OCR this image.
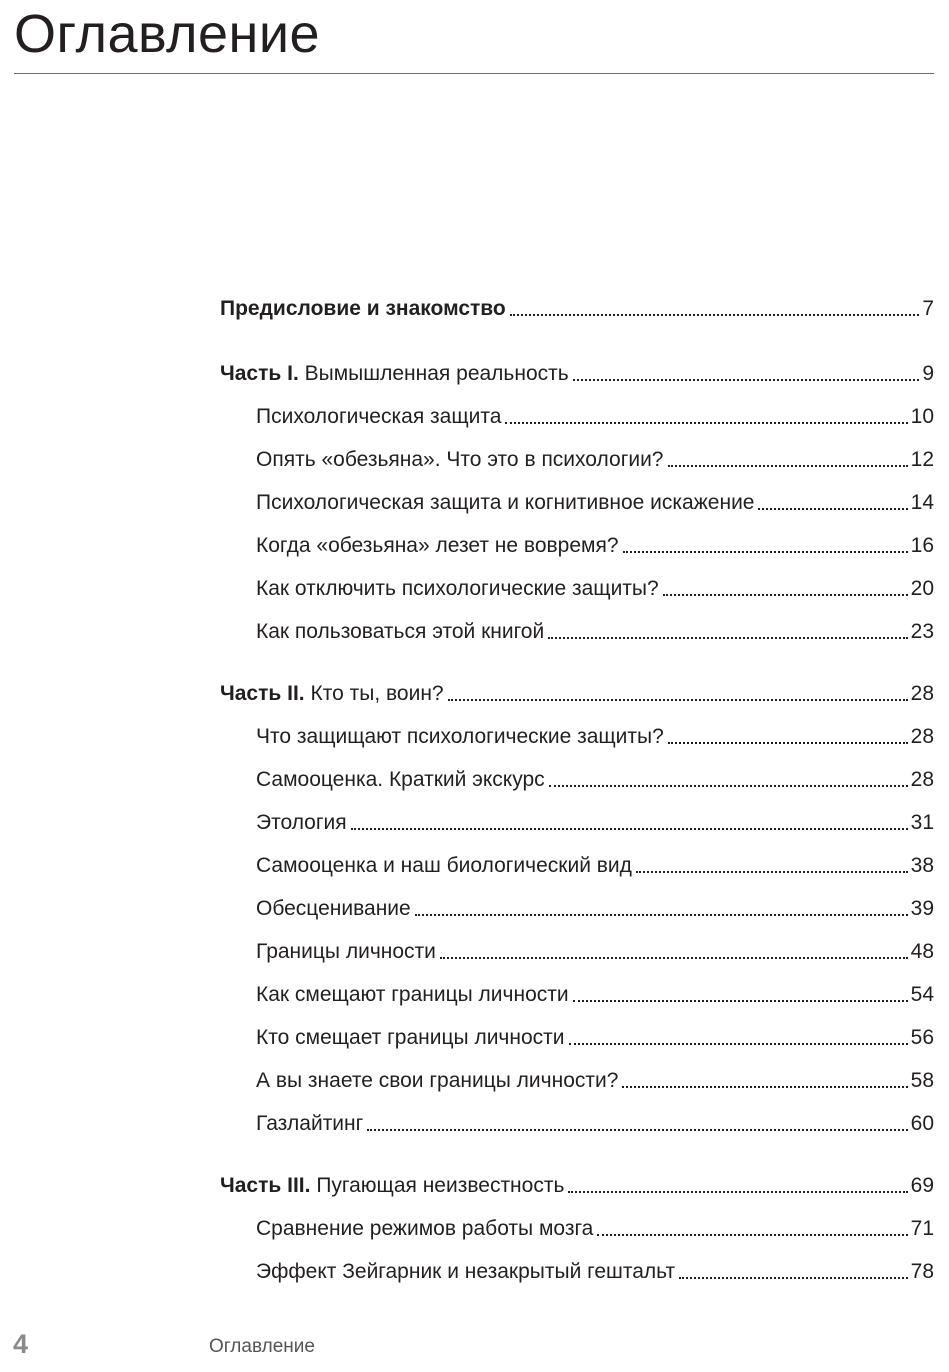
Оглавление
Предисловие и знакомство	7
Часть I. Вымышленная реальность	9
Психологическая защита	10
Опять «обезьяна». Что это в психологии?	12
Психологическая защита и когнитивное искажение	14
Когда «обезьяна» лезет не вовремя?	16
Как отключить психологические защиты?	20
Как пользоваться этой книгой	23
Часть II. Кто ты, воин?	28
Что защищают психологические защиты?	28
Самооценка. Краткий экскурс	28
Этология	31
Самооценка и наш биологический вид	38
Обесценивание	39
Границы личности	48
Как смещают границы личности	54
Кто смещает границы личности	56
А вы знаете свои границы личности?	58
Газлайтинг	60
Часть III. Пугающая неизвестность	69
Сравнение режимов работы мозга	71
Эффект Зейгарник и незакрытый гештальт	78
4	Оглавление
